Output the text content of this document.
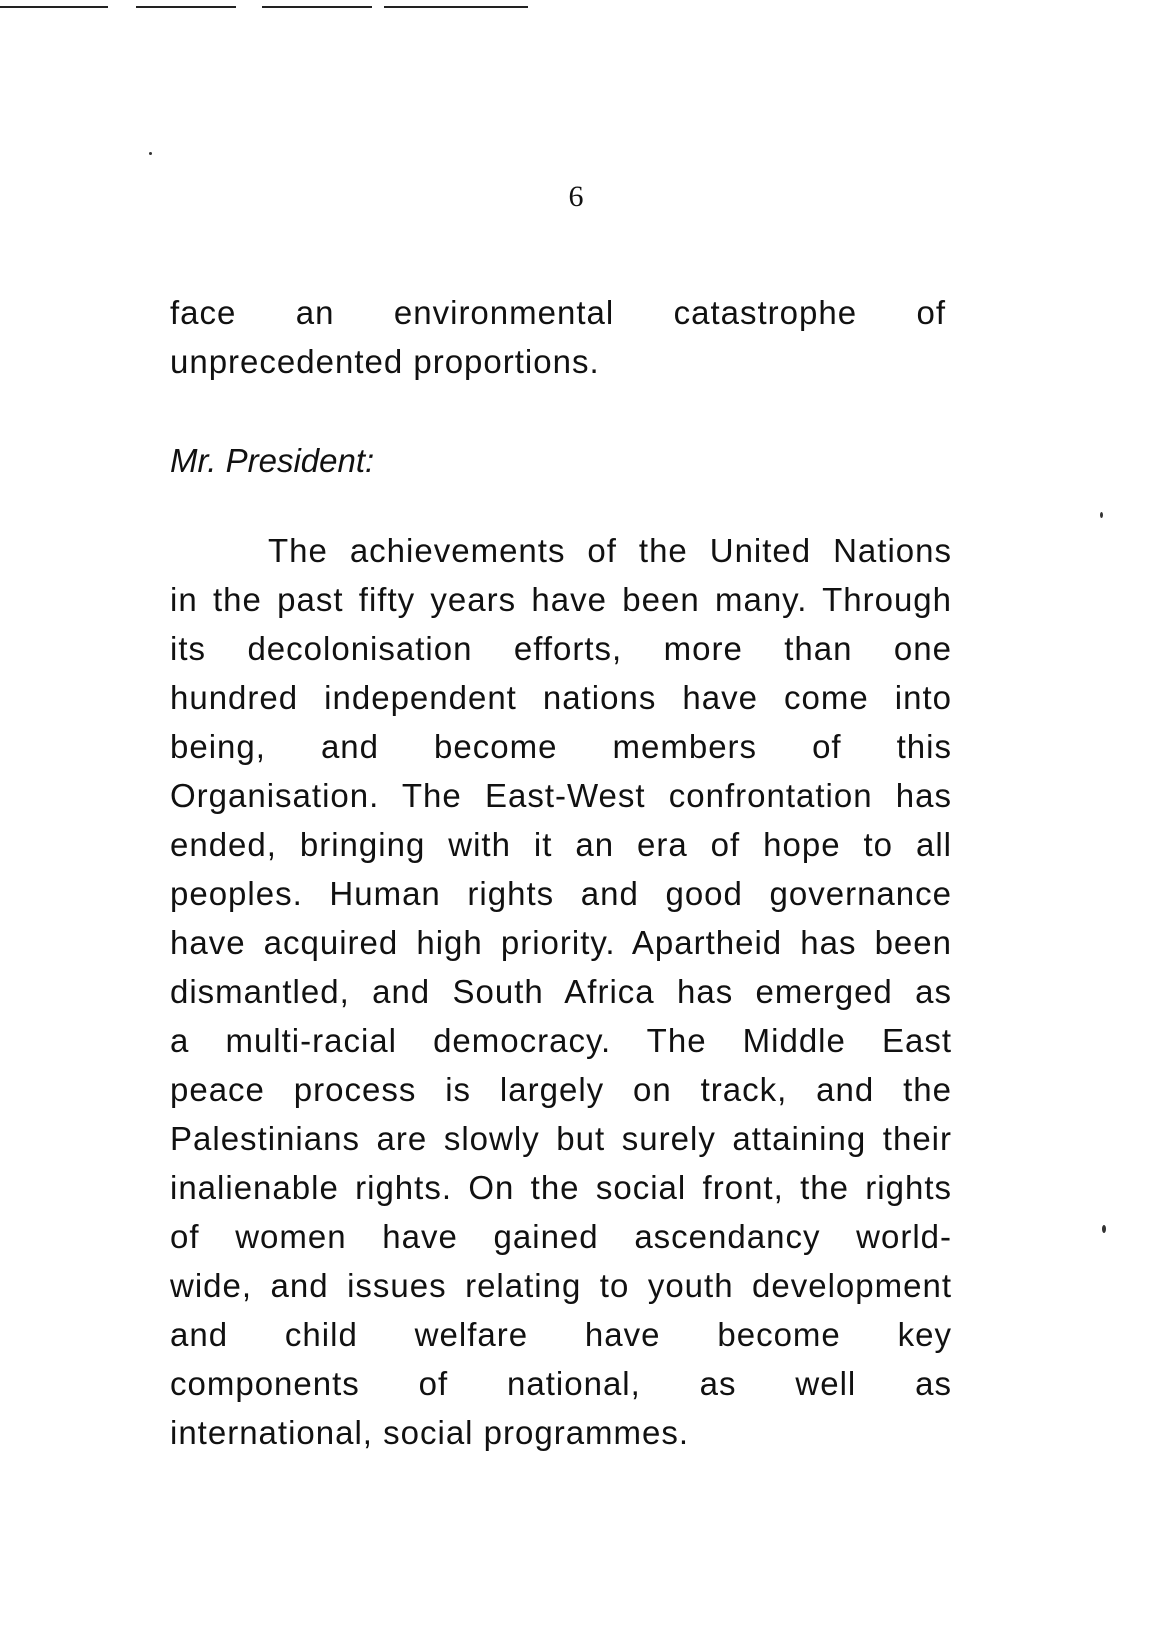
6
face an environmental catastrophe of
unprecedented proportions.
Mr. President:
The achievements of the United Nations
in the past fifty years have been many. Through
its decolonisation efforts, more than one
hundred independent nations have come into
being, and become members of this
Organisation. The East-West confrontation has
ended, bringing with it an era of hope to all
peoples. Human rights and good governance
have acquired high priority. Apartheid has been
dismantled, and South Africa has emerged as
a multi-racial democracy. The Middle East
peace process is largely on track, and the
Palestinians are slowly but surely attaining their
inalienable rights. On the social front, the rights
of women have gained ascendancy world-
wide, and issues relating to youth development
and child welfare have become key
components of national, as well as
international, social programmes.
